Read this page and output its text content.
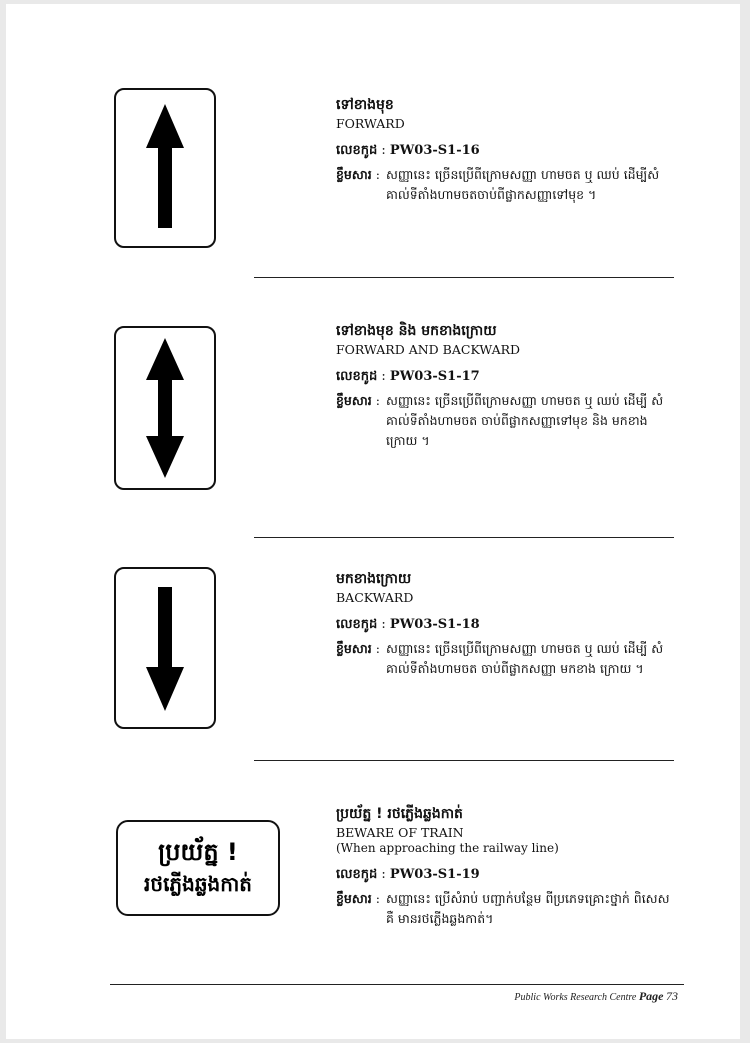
ទៅខាងមុខ
FORWARD
លេខកូដ : PW03-S1-16
ខ្លឹមសារ : សញ្ញានេះ ច្រើនប្រើពីក្រោមសញ្ញា ហាមចត ឬ ឈប់ ដើម្បីសំគាល់ទីតាំងហាមចតចាប់ពីផ្លាកសញ្ញាទៅមុខ ។
ទៅខាងមុខ និង មកខាងក្រោយ
FORWARD AND BACKWARD
លេខកូដ : PW03-S1-17
ខ្លឹមសារ : សញ្ញានេះ ច្រើនប្រើពីក្រោមសញ្ញា ហាមចត ឬ ឈប់ ដើម្បី សំគាល់ទីតាំងហាមចត ចាប់ពីផ្លាកសញ្ញាទៅមុខ និង មកខាងក្រោយ ។
មកខាងក្រោយ
BACKWARD
លេខកូដ : PW03-S1-18
ខ្លឹមសារ : សញ្ញានេះ ច្រើនប្រើពីក្រោមសញ្ញា ហាមចត ឬ ឈប់ ដើម្បី សំគាល់ទីតាំងហាមចត ចាប់ពីផ្លាកសញ្ញា មកខាង ក្រោយ ។
ប្រយ័ត្ន !
រថភ្លើងឆ្លងកាត់
ប្រយ័ត្ន ! រថភ្លើងឆ្លងកាត់
BEWARE OF TRAIN
(When approaching the railway line)
លេខកូដ : PW03-S1-19
ខ្លឹមសារ : សញ្ញានេះ ប្រើសំរាប់ បញ្ជាក់បន្ថែម ពីប្រភេទគ្រោះថ្នាក់ ពិសេស គឺ មានរថភ្លើងឆ្លងកាត់។
Public Works Research Centre Page 73
